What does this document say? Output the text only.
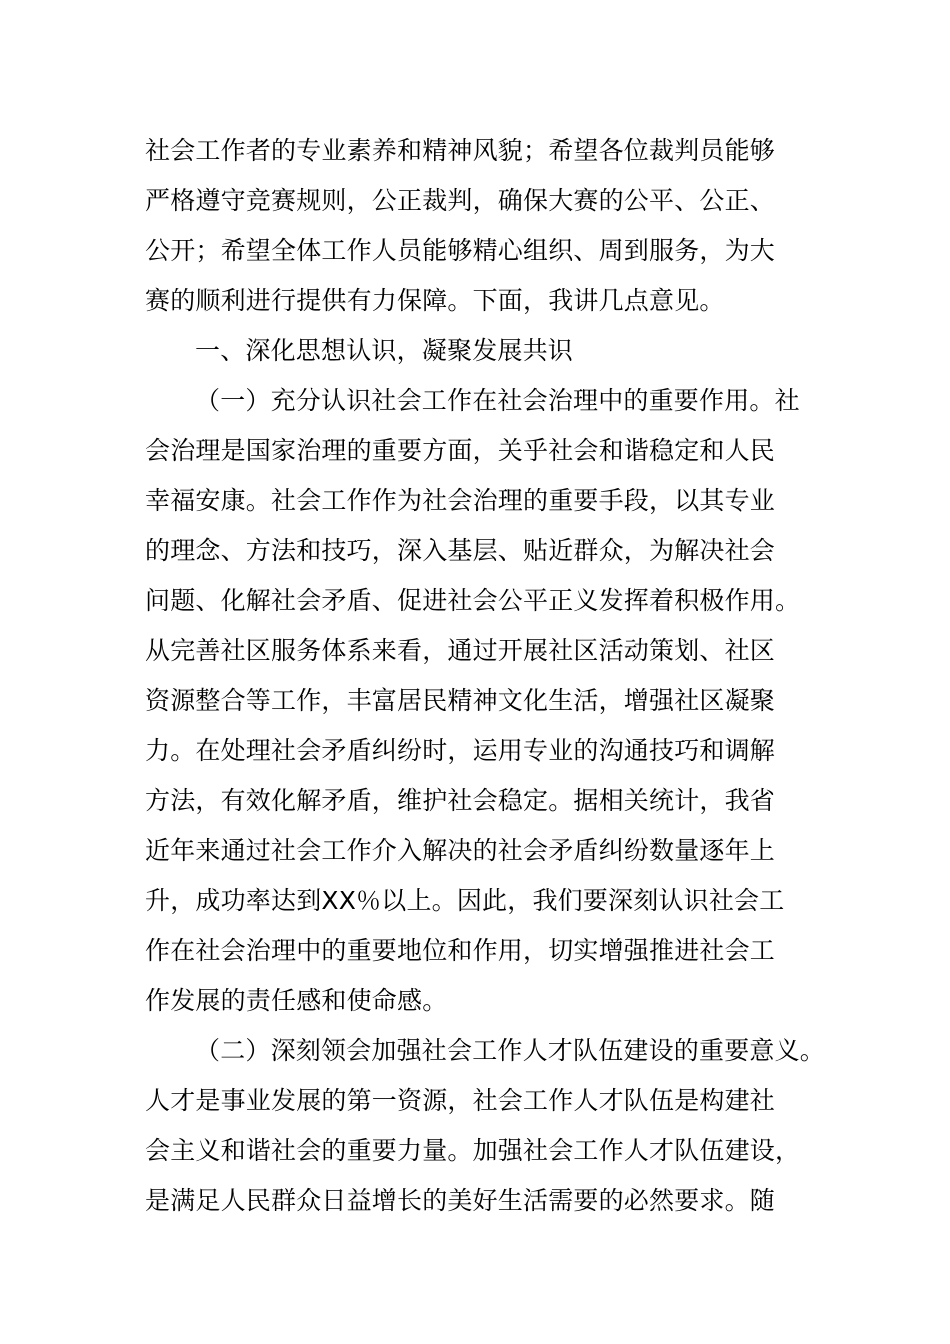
社会工作者的专业素养和精神风貌；希望各位裁判员能够
严格遵守竞赛规则，公正裁判，确保大赛的公平、公正、
公开；希望全体工作人员能够精心组织、周到服务，为大
赛的顺利进行提供有力保障。下面，我讲几点意见。
一、深化思想认识，凝聚发展共识
（一）充分认识社会工作在社会治理中的重要作用。社
会治理是国家治理的重要方面，关乎社会和谐稳定和人民
幸福安康。社会工作作为社会治理的重要手段，以其专业
的理念、方法和技巧，深入基层、贴近群众，为解决社会
问题、化解社会矛盾、促进社会公平正义发挥着积极作用。
从完善社区服务体系来看，通过开展社区活动策划、社区
资源整合等工作，丰富居民精神文化生活，增强社区凝聚
力。在处理社会矛盾纠纷时，运用专业的沟通技巧和调解
方法，有效化解矛盾，维护社会稳定。据相关统计，我省
近年来通过社会工作介入解决的社会矛盾纠纷数量逐年上
升，成功率达到XX％以上。因此，我们要深刻认识社会工
作在社会治理中的重要地位和作用，切实增强推进社会工
作发展的责任感和使命感。
（二）深刻领会加强社会工作人才队伍建设的重要意义。
人才是事业发展的第一资源，社会工作人才队伍是构建社
会主义和谐社会的重要力量。加强社会工作人才队伍建设，
是满足人民群众日益增长的美好生活需要的必然要求。随
